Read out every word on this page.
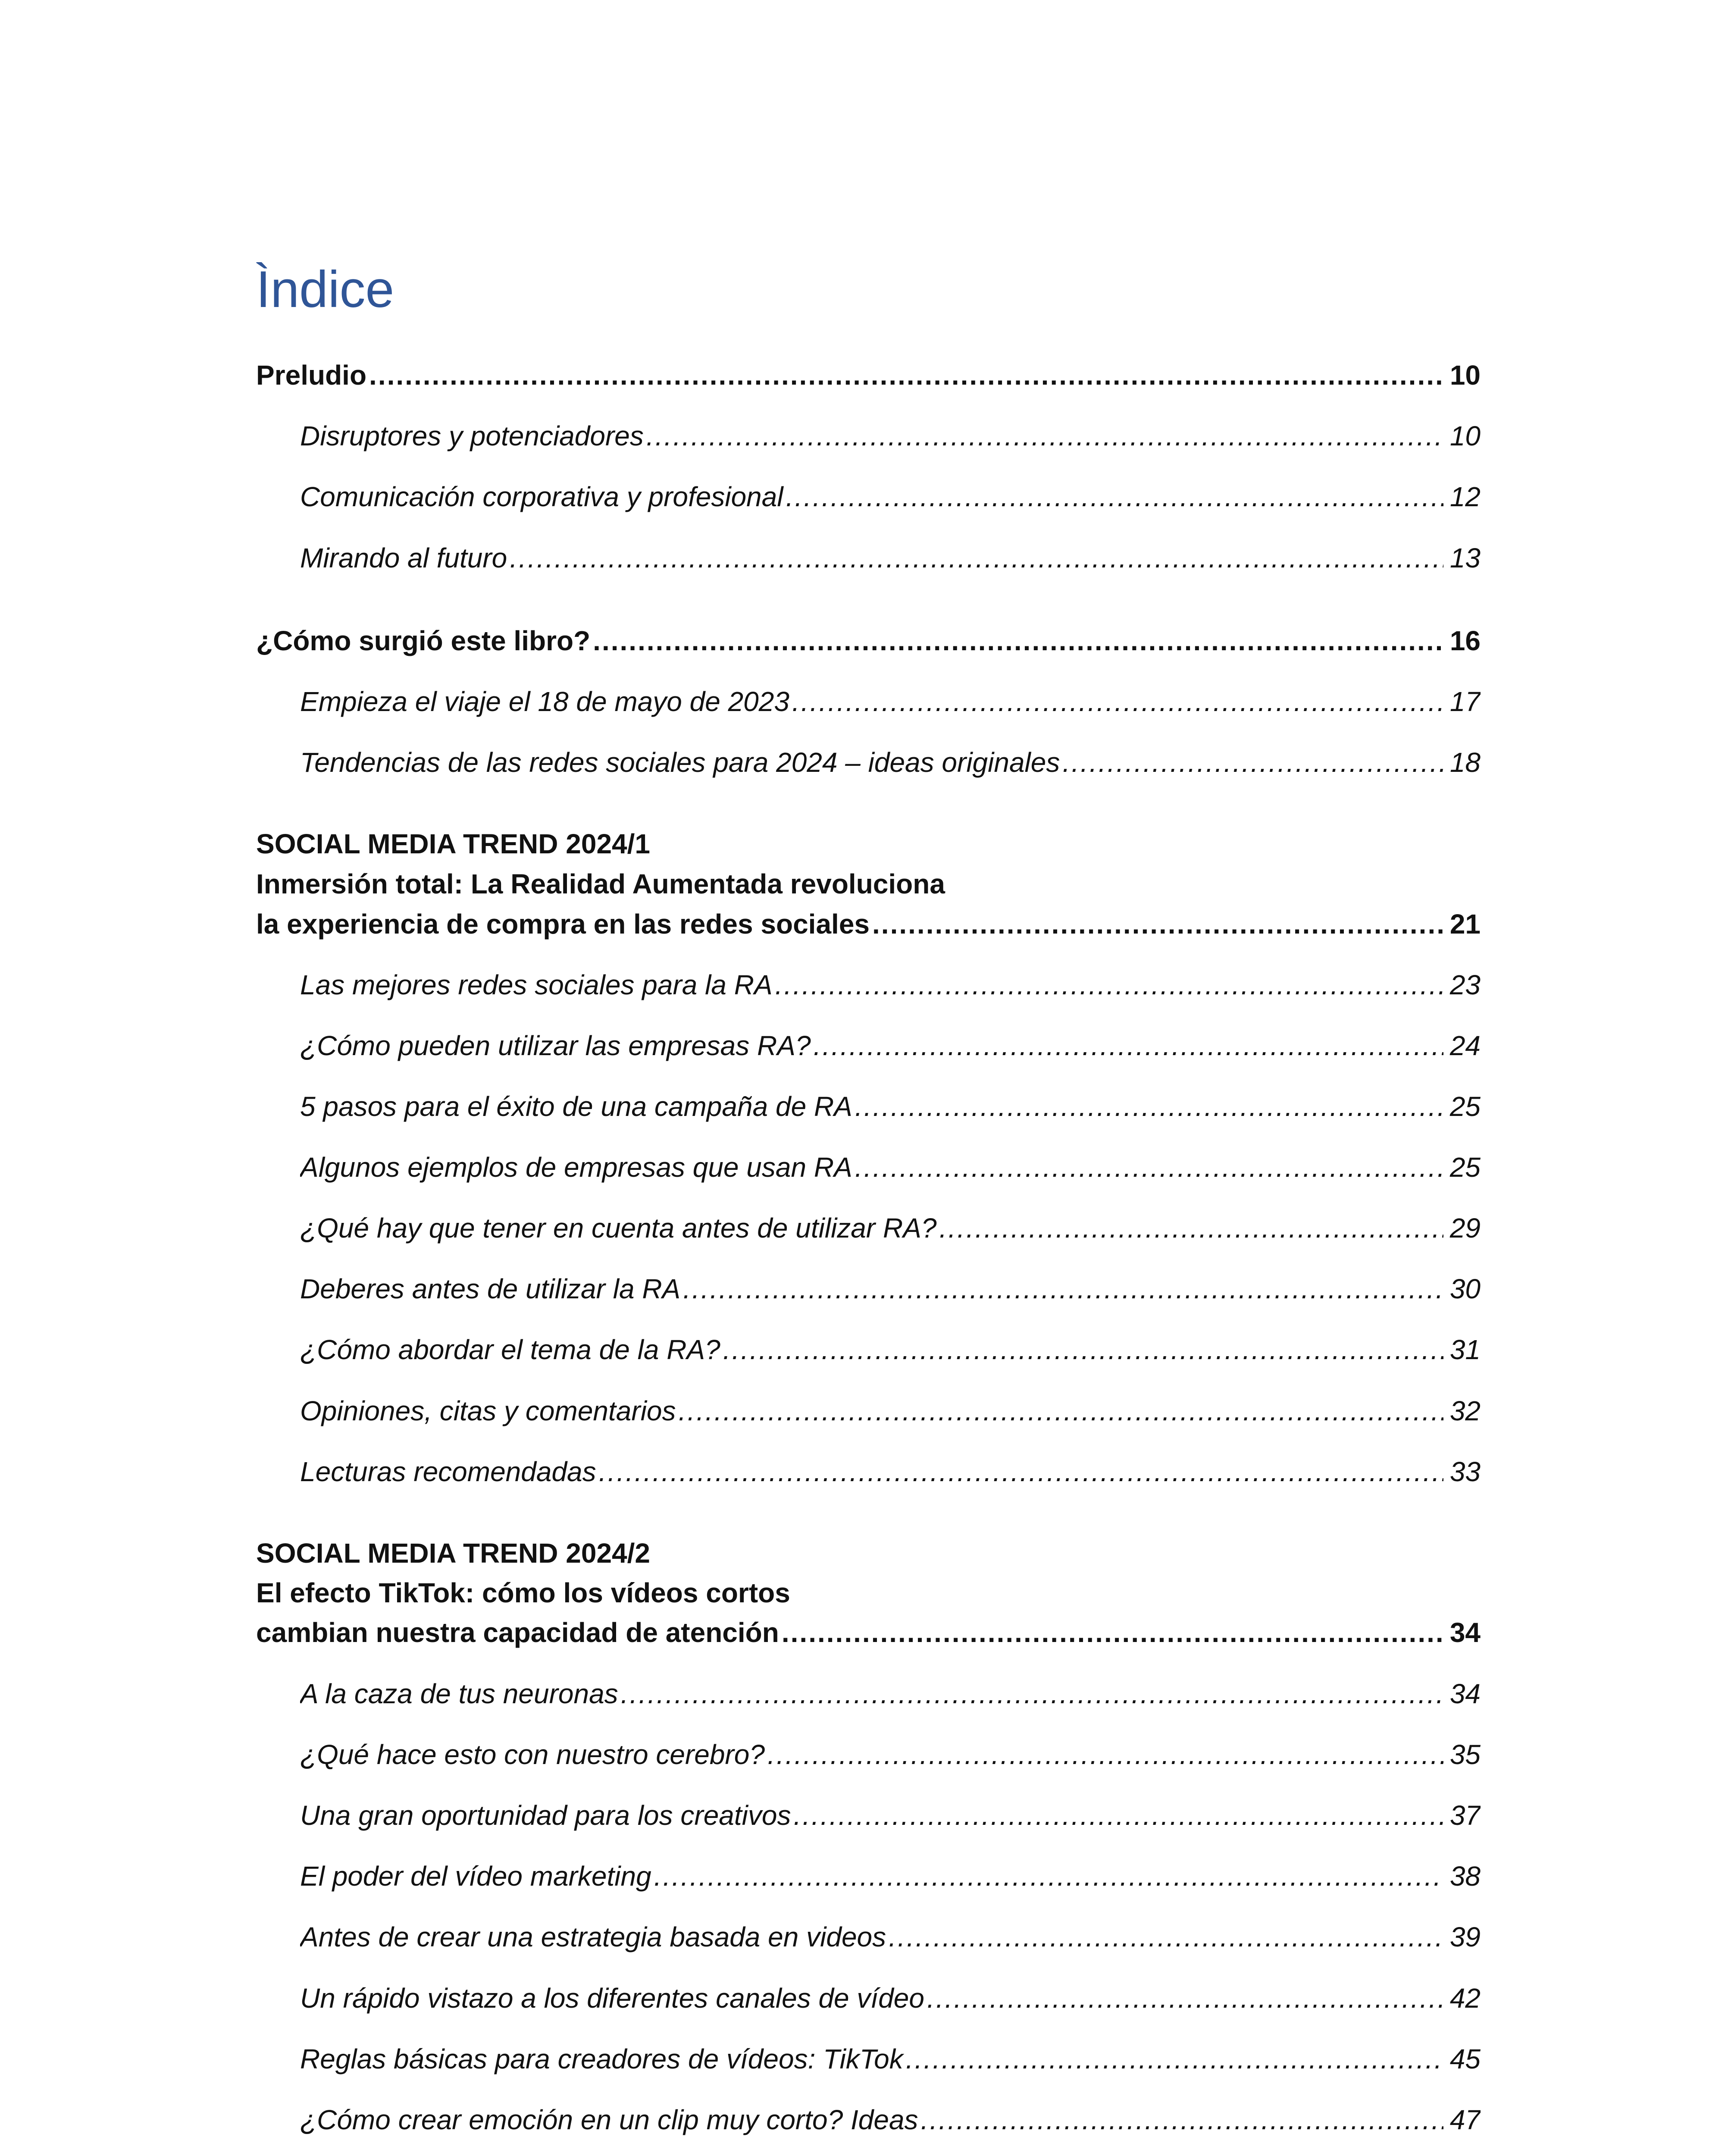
Ìndice
Preludio .....	10
Disruptores y potenciadores .....	10
Comunicación corporativa y profesional .....	12
Mirando al futuro .....	13
¿Cómo surgió este libro? .....	16
Empieza el viaje el 18 de mayo de 2023 .....	17
Tendencias de las redes sociales para 2024 – ideas originales .....	18
SOCIAL MEDIA TREND 2024/1
Inmersión total: La Realidad Aumentada revoluciona
la experiencia de compra en las redes sociales .....	21
Las mejores redes sociales para la RA .....	23
¿Cómo pueden utilizar las empresas RA? .....	24
5 pasos para el éxito de una campaña de RA .....	25
Algunos ejemplos de empresas que usan RA .....	25
¿Qué hay que tener en cuenta antes de utilizar RA? .....	29
Deberes antes de utilizar la RA .....	30
¿Cómo abordar el tema de la RA? .....	31
Opiniones, citas y comentarios .....	32
Lecturas recomendadas .....	33
SOCIAL MEDIA TREND 2024/2
El efecto TikTok: cómo los vídeos cortos
cambian nuestra capacidad de atención .....	34
A la caza de tus neuronas .....	34
¿Qué hace esto con nuestro cerebro? .....	35
Una gran oportunidad para los creativos .....	37
El poder del vídeo marketing .....	38
Antes de crear una estrategia basada en videos .....	39
Un rápido vistazo a los diferentes canales de vídeo .....	42
Reglas básicas para creadores de vídeos: TikTok .....	45
¿Cómo crear emoción en un clip muy corto? Ideas .....	47
